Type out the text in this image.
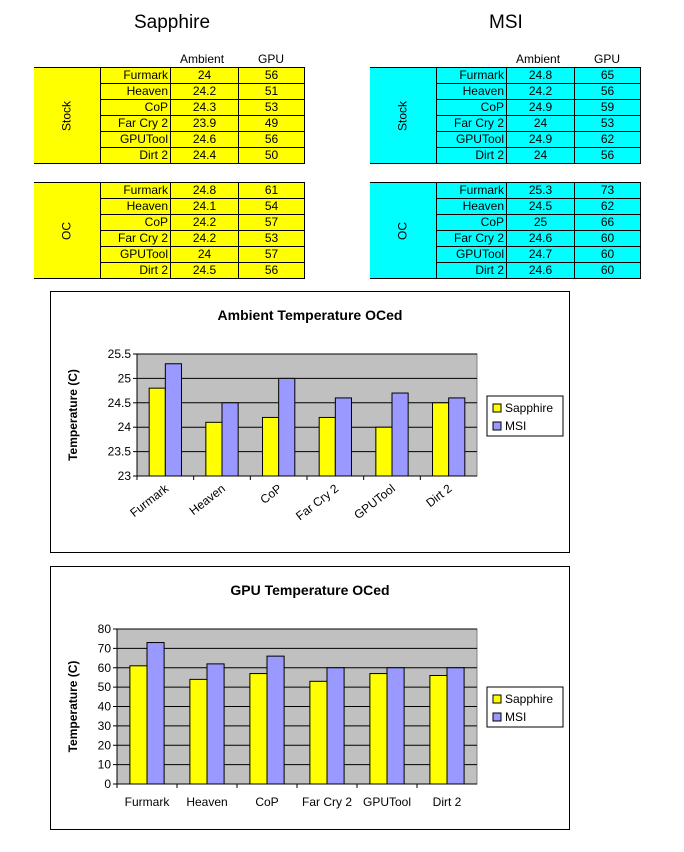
Sapphire	MSI
Ambient	GPU	Ambient	GPU
Stock	Furmark	24	56
	Heaven	24.2	51
	CoP	24.3	53
	Far Cry 2	23.9	49
	GPUTool	24.6	56
	Dirt 2	24.4	50
OC	Furmark	24.8	61
	Heaven	24.1	54
	CoP	24.2	57
	Far Cry 2	24.2	53
	GPUTool	24	57
	Dirt 2	24.5	56
Stock	Furmark	24.8	65
	Heaven	24.2	56
	CoP	24.9	59
	Far Cry 2	24	53
	GPUTool	24.9	62
	Dirt 2	24	56
OC	Furmark	25.3	73
	Heaven	24.5	62
	CoP	25	66
	Far Cry 2	24.6	60
	GPUTool	24.7	60
	Dirt 2	24.6	60
Ambient Temperature OCed
23
23.5
24
24.5
25
25.5
Temperature (C)
Furmark Heaven CoP Far Cry 2 GPUTool Dirt 2
Sapphire
MSI
GPU Temperature OCed
0
10
20
30
40
50
60
70
80
Temperature (C)
Furmark Heaven CoP Far Cry 2 GPUTool Dirt 2
Sapphire
MSI
